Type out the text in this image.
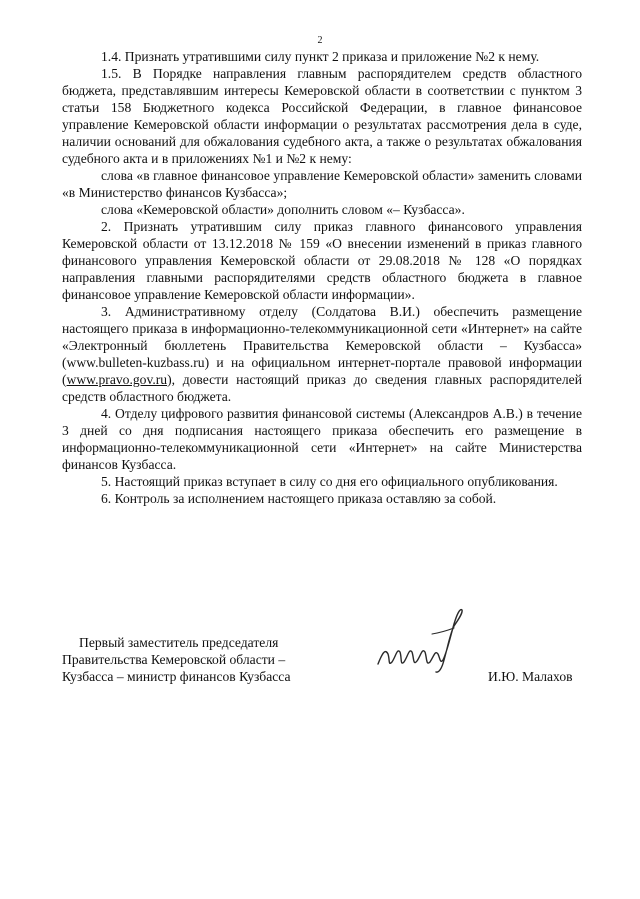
2

1.4. Признать утратившими силу пункт 2 приказа и приложение №2 к нему.

1.5. В Порядке направления главным распорядителем средств областного бюджета, представлявшим интересы Кемеровской области в соответствии с пунктом 3 статьи 158 Бюджетного кодекса Российской Федерации, в главное финансовое управление Кемеровской области информации о результатах рассмотрения дела в суде, наличии оснований для обжалования судебного акта, а также о результатах обжалования судебного акта и в приложениях №1 и №2 к нему:

слова «в главное финансовое управление Кемеровской области» заменить словами «в Министерство финансов Кузбасса»;

слова «Кемеровской области» дополнить словом «– Кузбасса».

2. Признать утратившим силу приказ главного финансового управления Кемеровской области от 13.12.2018 № 159 «О внесении изменений в приказ главного финансового управления Кемеровской области от 29.08.2018 № 128 «О порядках направления главными распорядителями средств областного бюджета в главное финансовое управление Кемеровской области информации».

3. Административному отделу (Солдатова В.И.) обеспечить размещение настоящего приказа в информационно-телекоммуникационной сети «Интернет» на сайте «Электронный бюллетень Правительства Кемеровской области – Кузбасса» (www.bulleten-kuzbass.ru) и на официальном интернет-портале правовой информации (www.pravo.gov.ru), довести настоящий приказ до сведения главных распорядителей средств областного бюджета.

4. Отделу цифрового развития финансовой системы (Александров А.В.) в течение 3 дней со дня подписания настоящего приказа обеспечить его размещение в информационно-телекоммуникационной сети «Интернет» на сайте Министерства финансов Кузбасса.

5. Настоящий приказ вступает в силу со дня его официального опубликования.

6. Контроль за исполнением настоящего приказа оставляю за собой.

Первый заместитель председателя
Правительства Кемеровской области –
Кузбасса – министр финансов Кузбасса	И.Ю. Малахов
